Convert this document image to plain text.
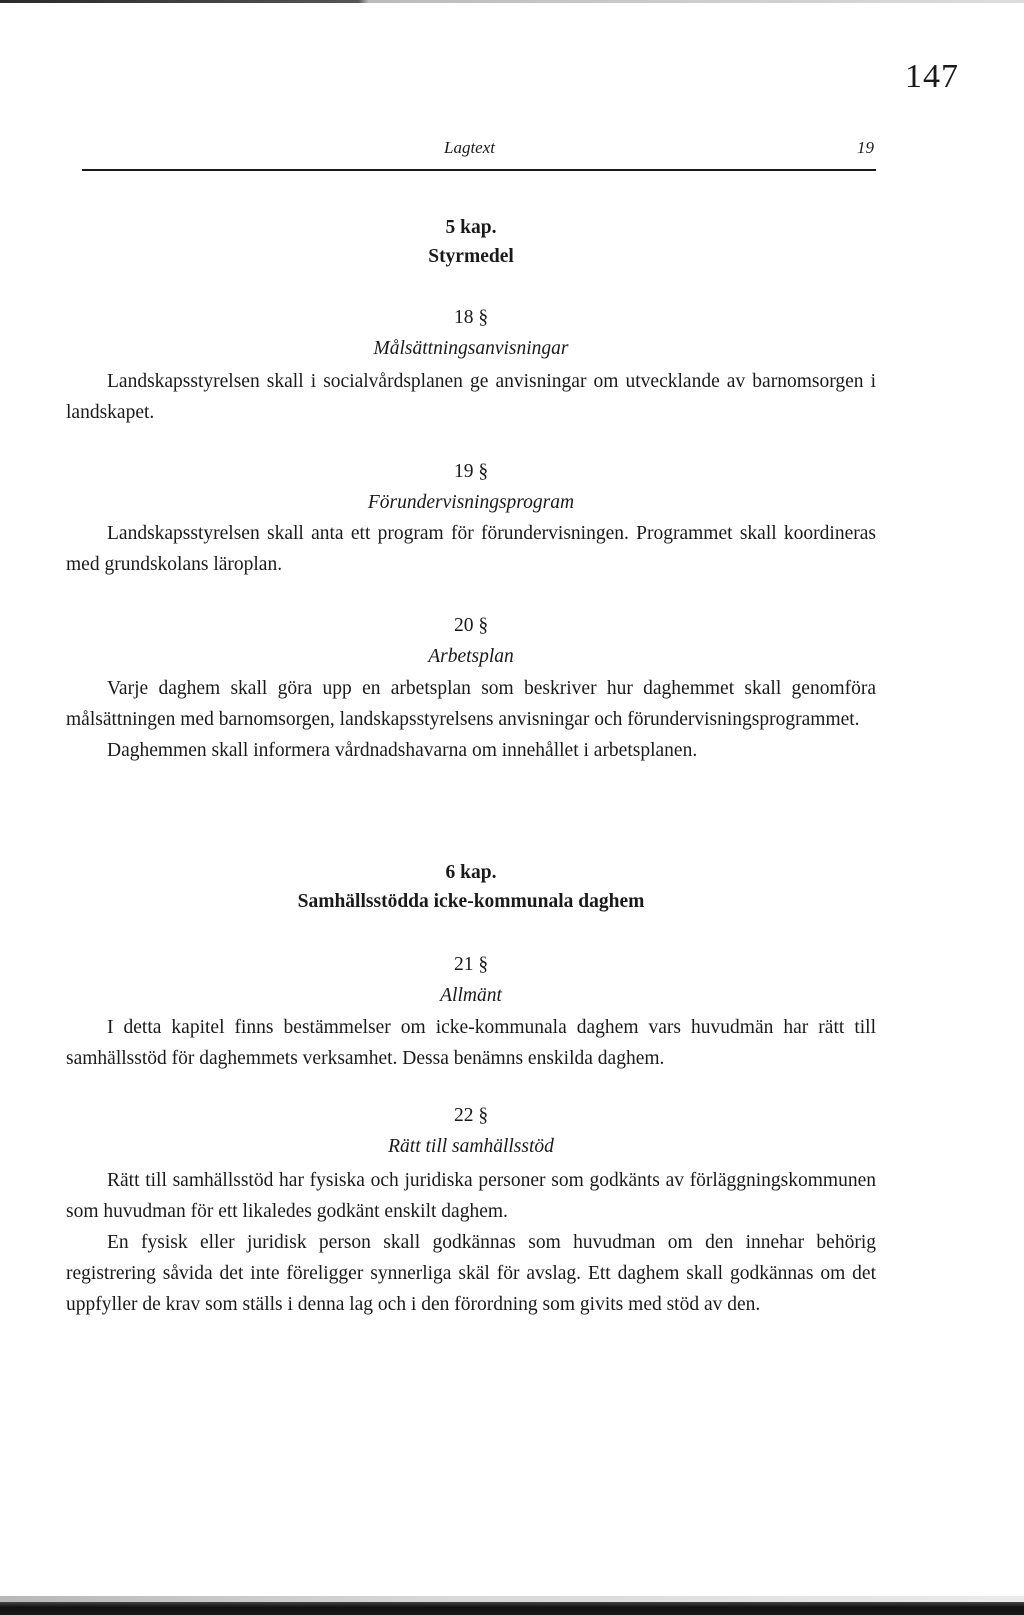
147
Lagtext	19
5 kap.
Styrmedel
18 §
Målsättningsanvisningar

Landskapsstyrelsen skall i socialvårdsplanen ge anvisningar om utvecklande av barnomsorgen i landskapet.

19 §
Förundervisningsprogram

Landskapsstyrelsen skall anta ett program för förundervisningen. Programmet skall koordineras med grundskolans läroplan.

20 §
Arbetsplan

Varje daghem skall göra upp en arbetsplan som beskriver hur daghemmet skall genomföra målsättningen med barnomsorgen, landskapsstyrelsens anvisningar och förundervisningsprogrammet.

Daghemmen skall informera vårdnadshavarna om innehållet i arbetsplanen.

6 kap.
Samhällsstödda icke-kommunala daghem
21 §
Allmänt

I detta kapitel finns bestämmelser om icke-kommunala daghem vars huvudmän har rätt till samhällsstöd för daghemmets verksamhet. Dessa benämns enskilda daghem.

22 §
Rätt till samhällsstöd

Rätt till samhällsstöd har fysiska och juridiska personer som godkänts av förläggningskommunen som huvudman för ett likaledes godkänt enskilt daghem.

En fysisk eller juridisk person skall godkännas som huvudman om den innehar behörig registrering såvida det inte föreligger synnerliga skäl för avslag. Ett daghem skall godkännas om det uppfyller de krav som ställs i denna lag och i den förordning som givits med stöd av den.
